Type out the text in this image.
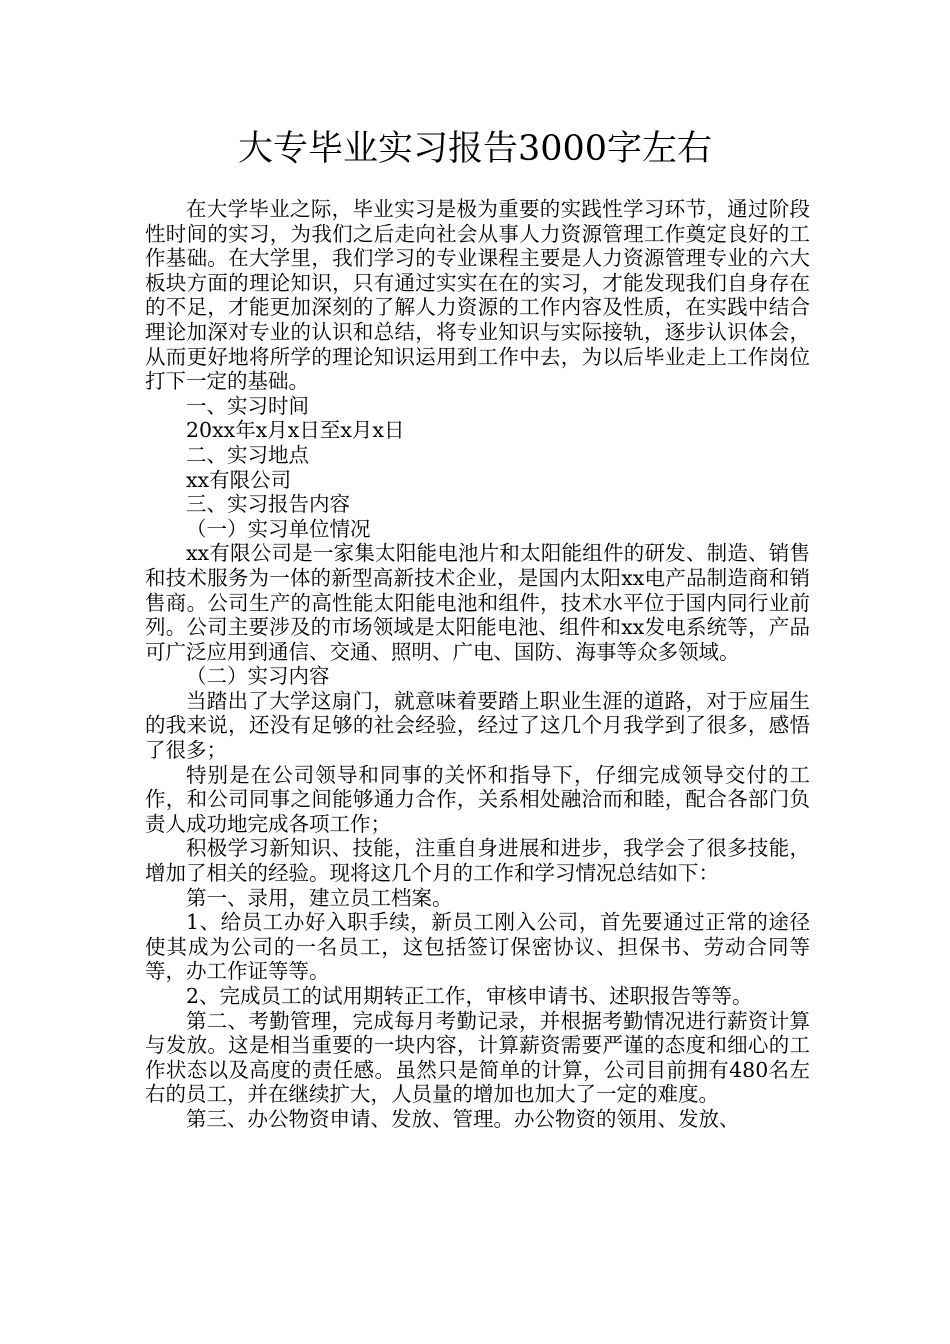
大专毕业实习报告3000字左右

在大学毕业之际，毕业实习是极为重要的实践性学习环节，通过阶段性时间的实习，为我们之后走向社会从事人力资源管理工作奠定良好的工作基础。在大学里，我们学习的专业课程主要是人力资源管理专业的六大板块方面的理论知识，只有通过实实在在的实习，才能发现我们自身存在的不足，才能更加深刻的了解人力资源的工作内容及性质，在实践中结合理论加深对专业的认识和总结，将专业知识与实际接轨，逐步认识体会，从而更好地将所学的理论知识运用到工作中去，为以后毕业走上工作岗位打下一定的基础。

一、实习时间

20xx年x月x日至x月x日

二、实习地点

xx有限公司

三、实习报告内容

（一）实习单位情况

xx有限公司是一家集太阳能电池片和太阳能组件的研发、制造、销售和技术服务为一体的新型高新技术企业，是国内太阳xx电产品制造商和销售商。公司生产的高性能太阳能电池和组件，技术水平位于国内同行业前列。公司主要涉及的市场领域是太阳能电池、组件和xx发电系统等，产品可广泛应用到通信、交通、照明、广电、国防、海事等众多领域。

（二）实习内容

当踏出了大学这扇门，就意味着要踏上职业生涯的道路，对于应届生的我来说，还没有足够的社会经验，经过了这几个月我学到了很多，感悟了很多；

特别是在公司领导和同事的关怀和指导下，仔细完成领导交付的工作，和公司同事之间能够通力合作，关系相处融洽而和睦，配合各部门负责人成功地完成各项工作；

积极学习新知识、技能，注重自身进展和进步，我学会了很多技能，增加了相关的经验。现将这几个月的工作和学习情况总结如下：

第一、录用，建立员工档案。

1、给员工办好入职手续，新员工刚入公司，首先要通过正常的途径使其成为公司的一名员工，这包括签订保密协议、担保书、劳动合同等等，办工作证等等。

2、完成员工的试用期转正工作，审核申请书、述职报告等等。

第二、考勤管理，完成每月考勤记录，并根据考勤情况进行薪资计算与发放。这是相当重要的一块内容，计算薪资需要严谨的态度和细心的工作状态以及高度的责任感。虽然只是简单的计算，公司目前拥有480名左右的员工，并在继续扩大，人员量的增加也加大了一定的难度。

第三、办公物资申请、发放、管理。办公物资的领用、发放、
